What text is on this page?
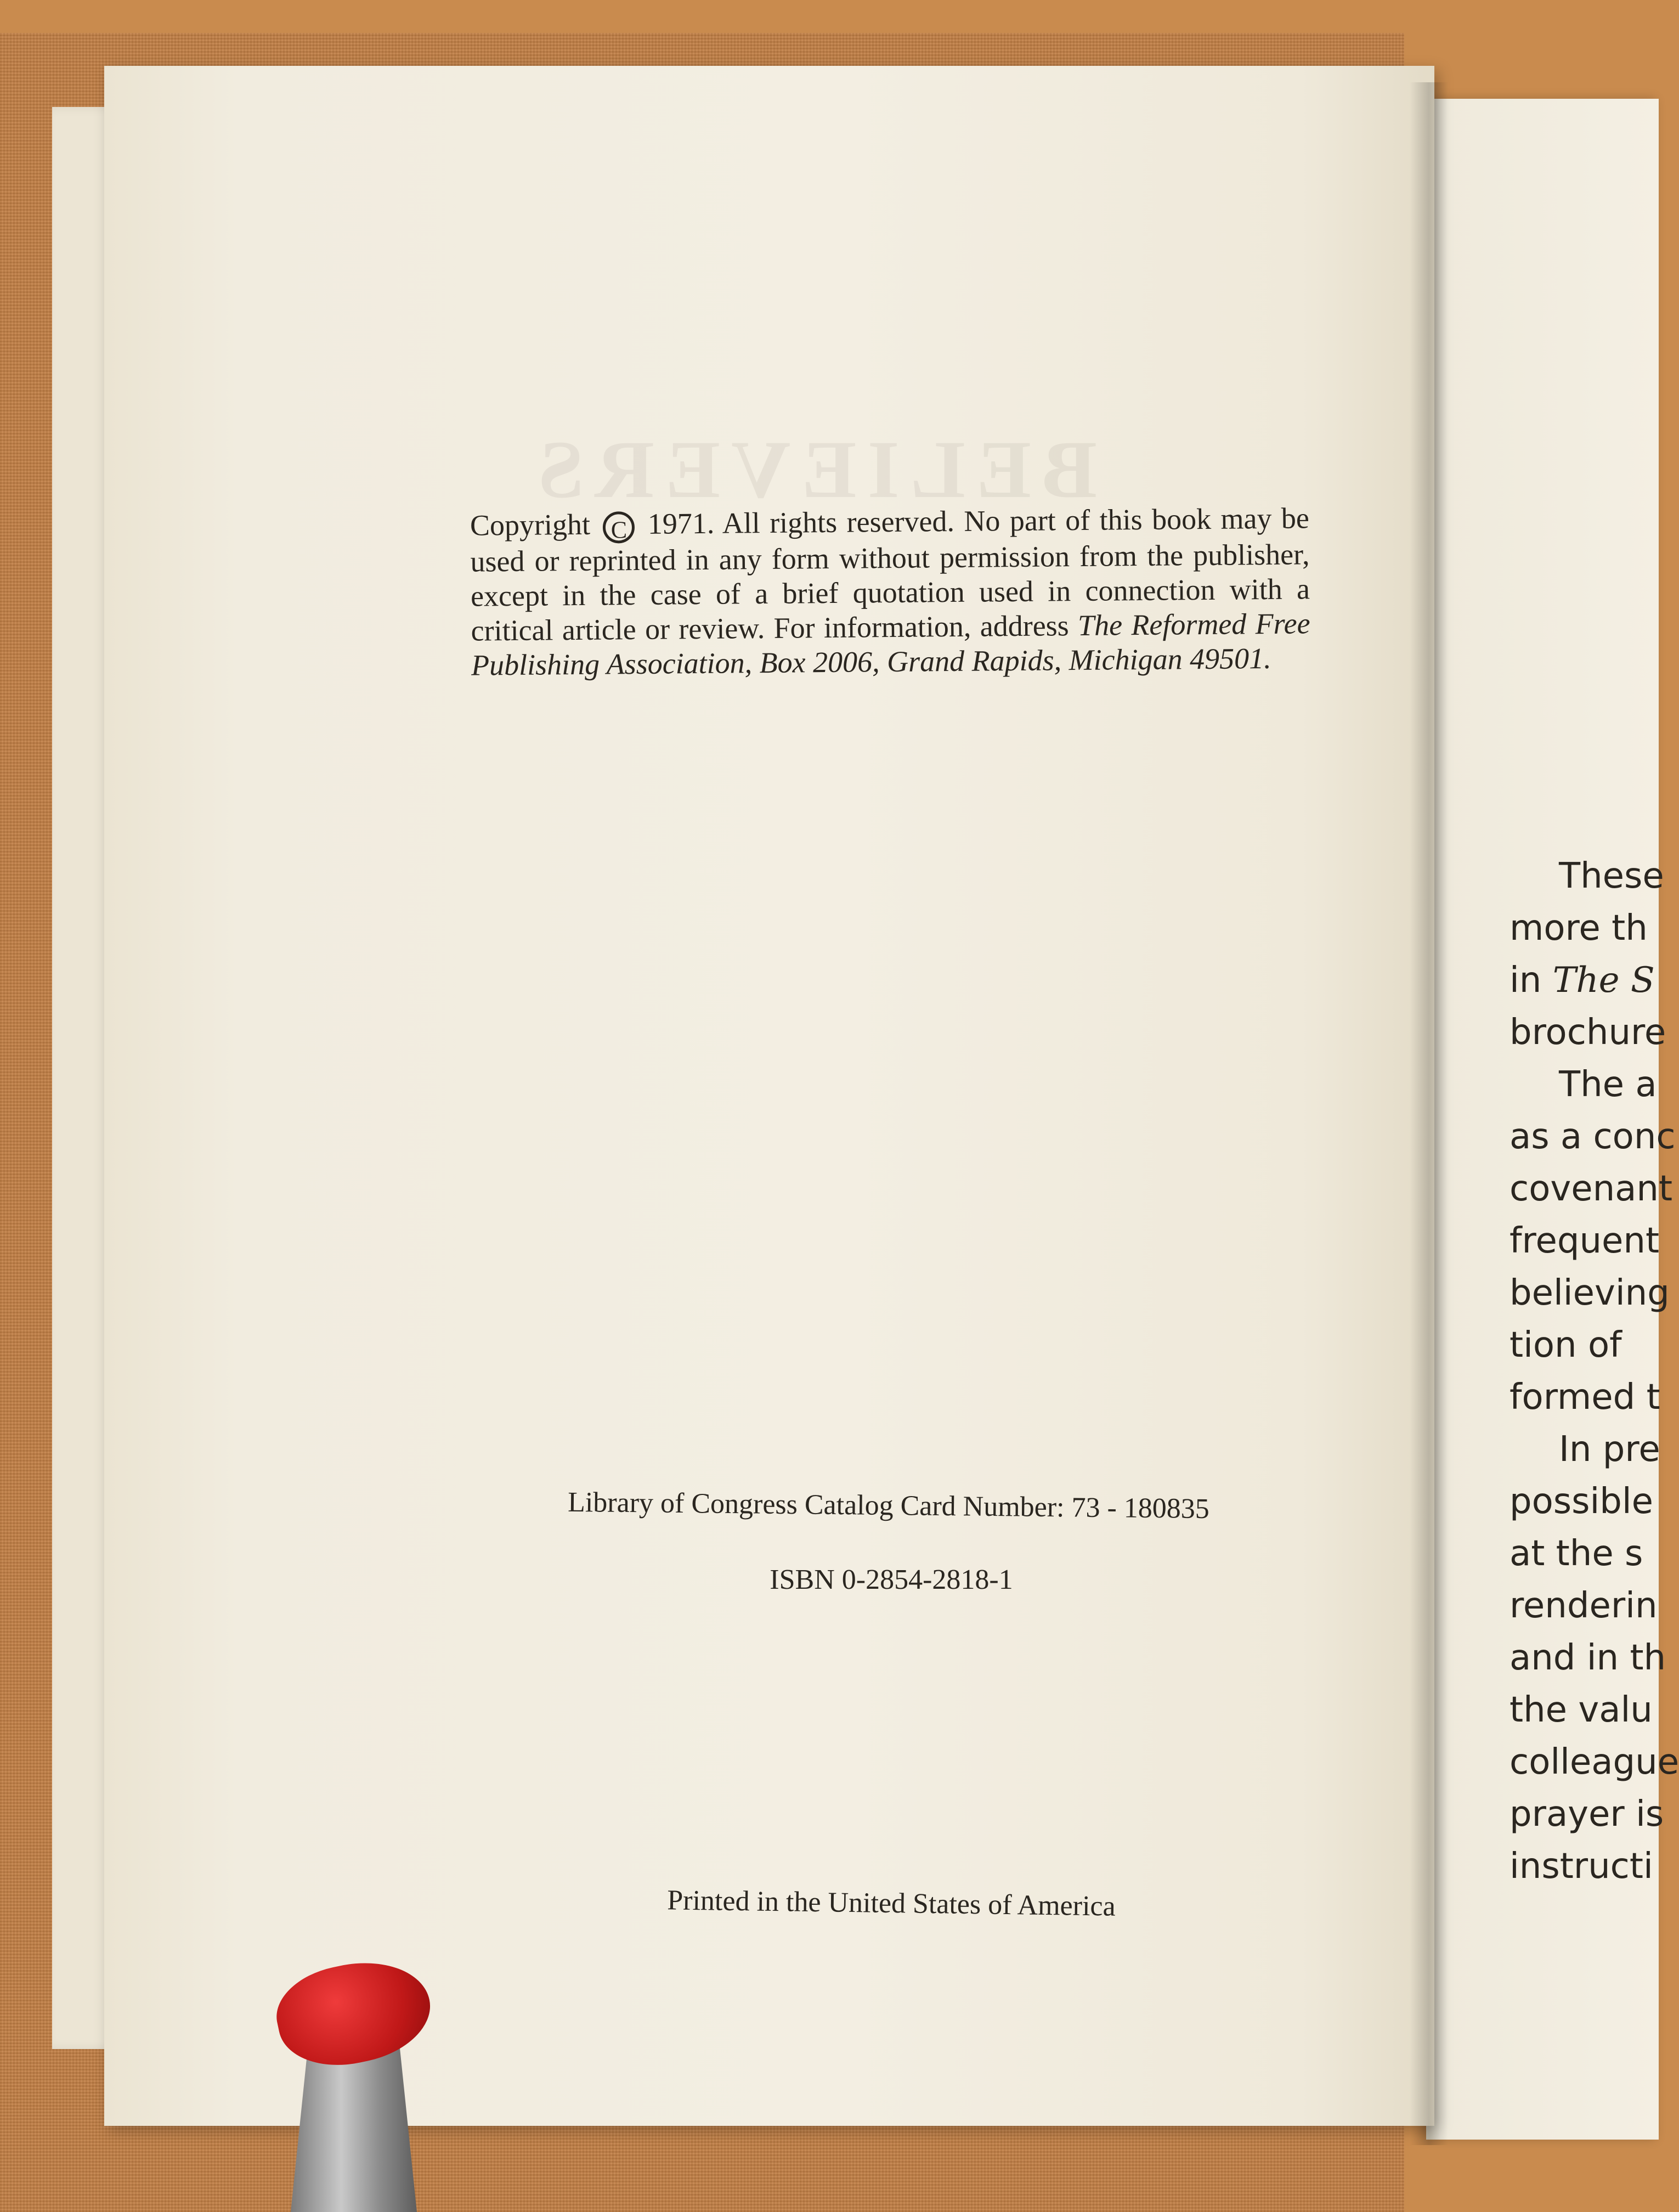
BELIEVERS
Copyright C 1971. All rights reserved. No part of this book may be used or reprinted in any form without permission from the publisher, except in the case of a brief quotation used in connection with a critical article or review. For information, address The Reformed Free Publishing Association, Box 2006, Grand Rapids, Michigan 49501.
Library of Congress Catalog Card Number: 73 - 180835
ISBN 0-2854-2818-1
Printed in the United States of America
These
more th
in The S
brochure
The a
as a conc
covenant
frequent
believing
tion of
formed t
In pre
possible
at the s
renderin
and in th
the valu
colleague
prayer is
instructi
